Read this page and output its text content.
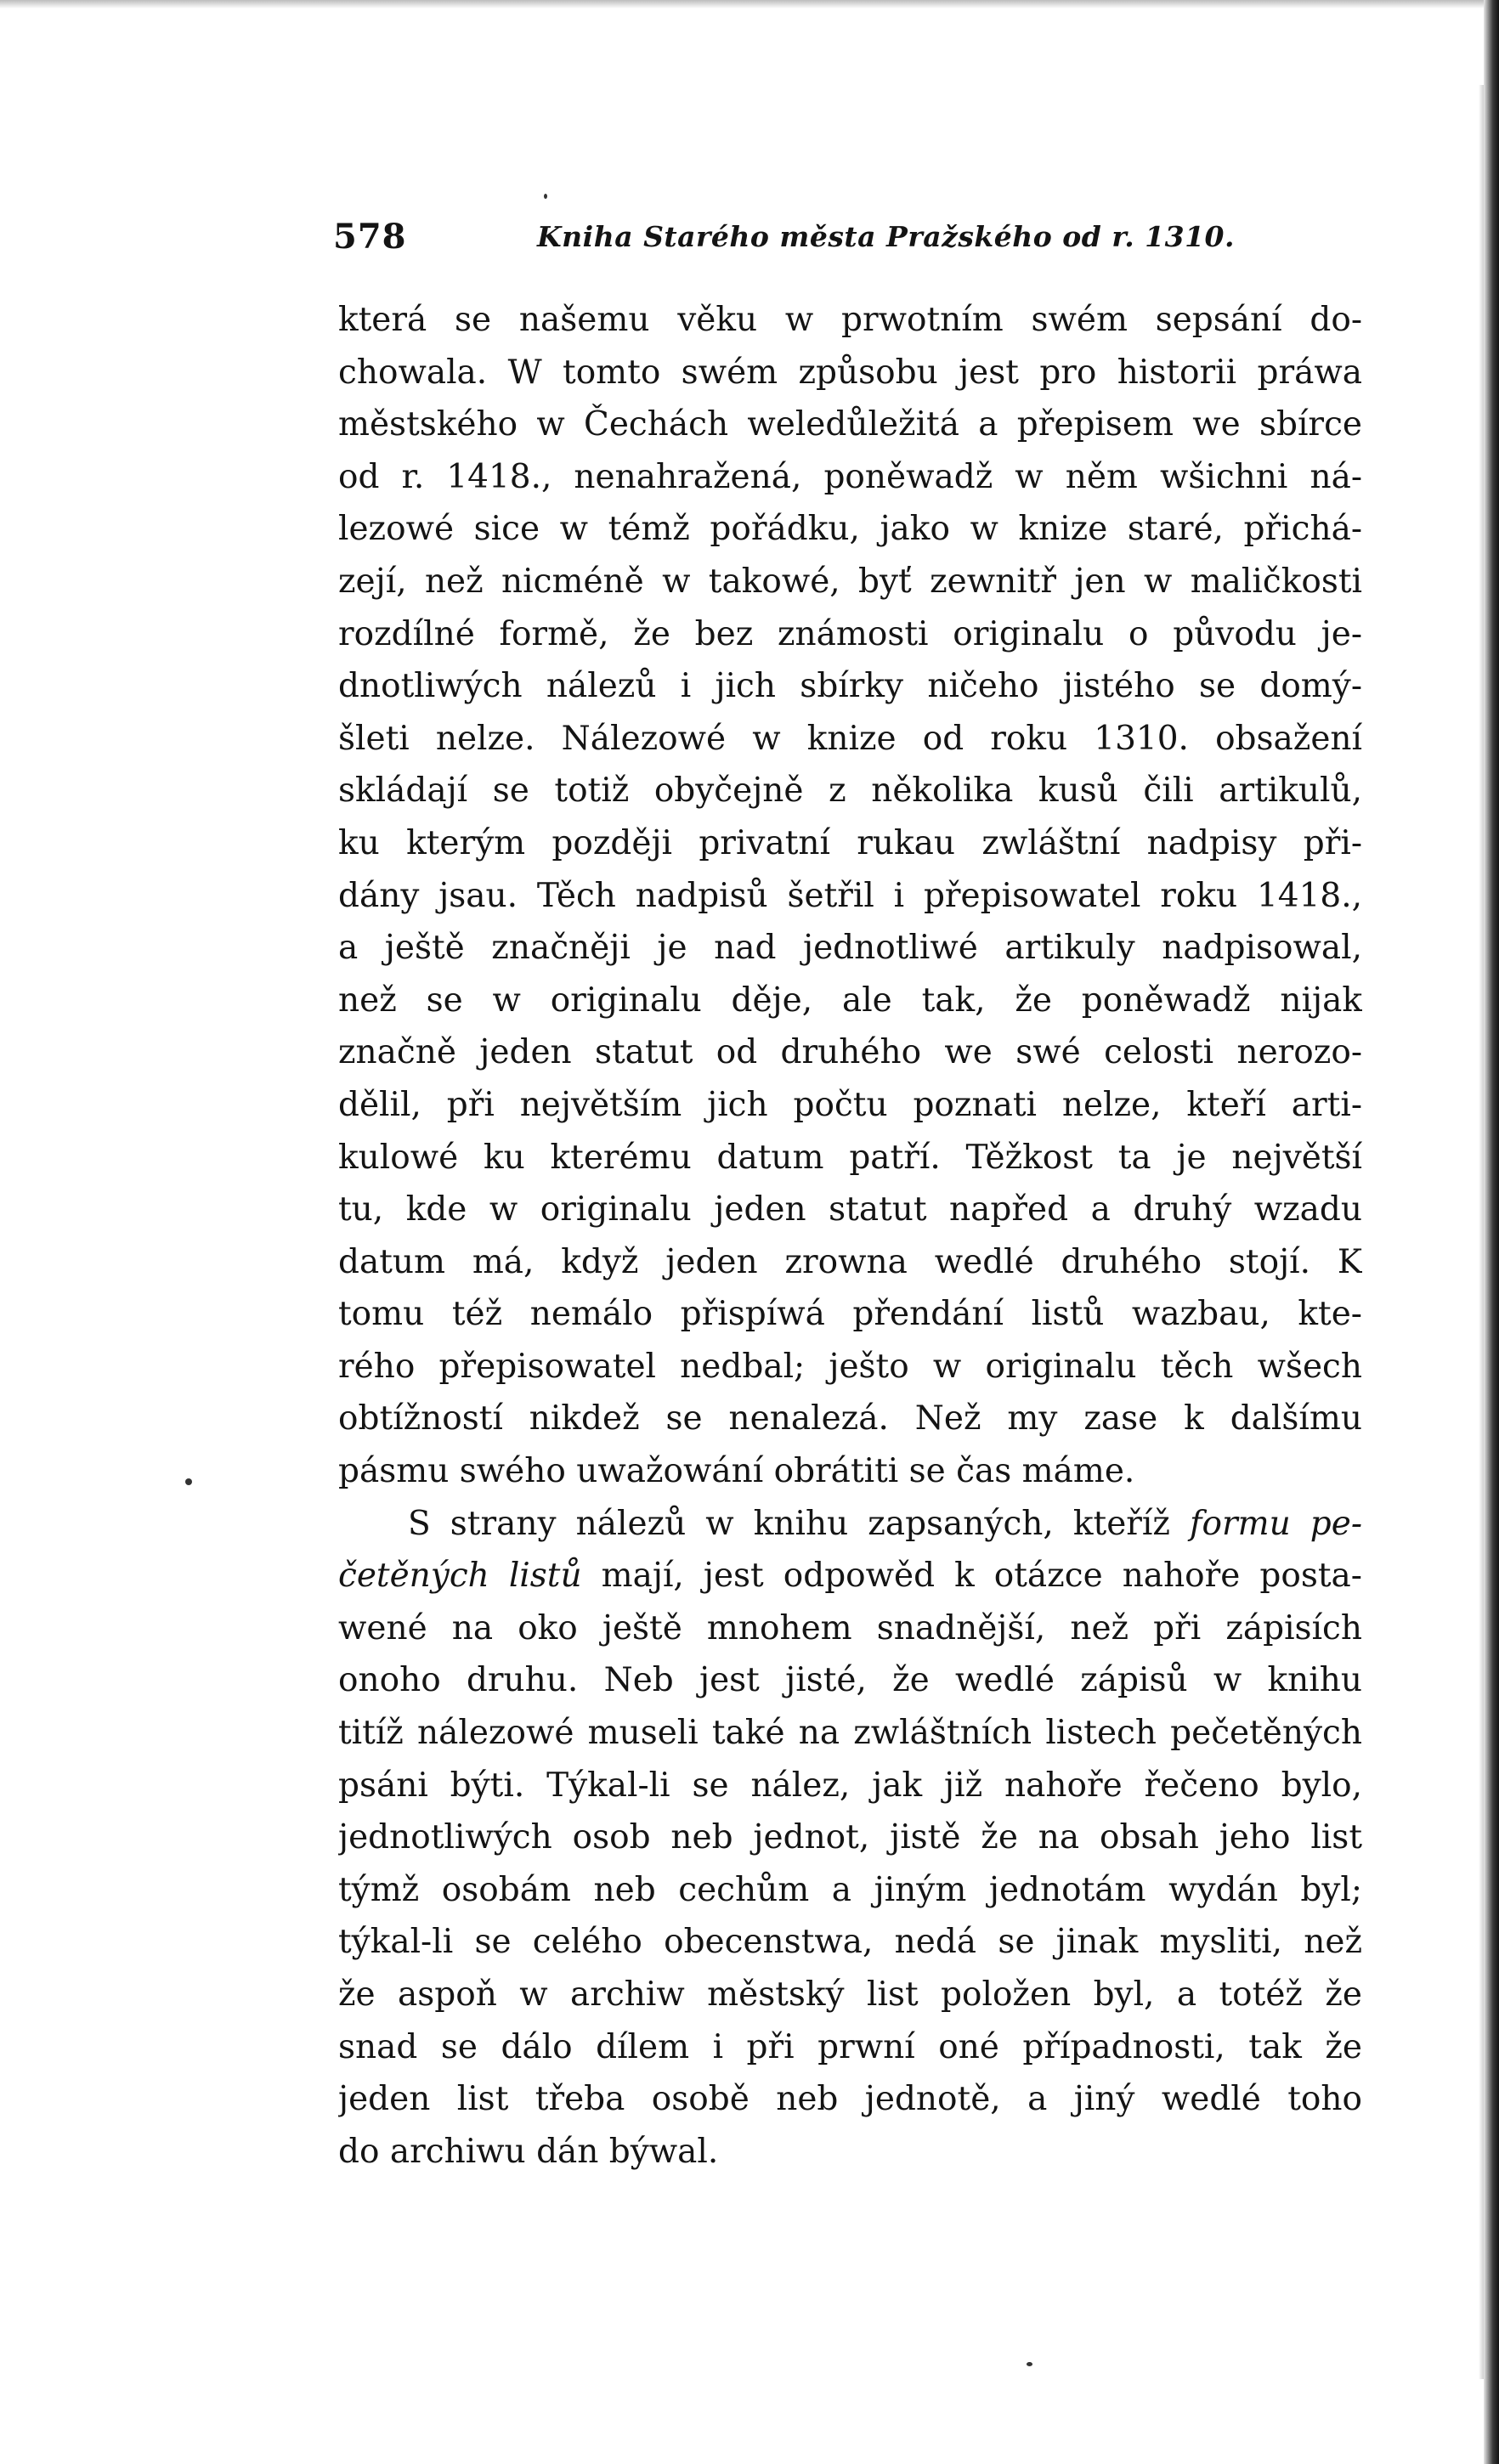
578	Kniha Starého města Pražského od r. 1310.
která se našemu věku w prwotním swém sepsání do-
chowala. W tomto swém způsobu jest pro historii práwa
městského w Čechách weledůležitá a přepisem we sbírce
od r. 1418., nenahražená, poněwadž w něm wšichni ná-
lezowé sice w témž pořádku, jako w knize staré, přichá-
zejí, než nicméně w takowé, byť zewnitř jen w maličkosti
rozdílné formě, že bez známosti originalu o původu je-
dnotliwých nálezů i jich sbírky ničeho jistého se domý-
šleti nelze. Nálezowé w knize od roku 1310. obsažení
skládají se totiž obyčejně z několika kusů čili artikulů,
ku kterým později privatní rukau zwláštní nadpisy při-
dány jsau. Těch nadpisů šetřil i přepisowatel roku 1418.,
a ještě značněji je nad jednotliwé artikuly nadpisowal,
než se w originalu děje, ale tak, že poněwadž nijak
značně jeden statut od druhého we swé celosti nerozo-
dělil, při největším jich počtu poznati nelze, kteří arti-
kulowé ku kterému datum patří. Těžkost ta je největší
tu, kde w originalu jeden statut napřed a druhý wzadu
datum má, když jeden zrowna wedlé druhého stojí. K
tomu též nemálo přispíwá přendání listů wazbau, kte-
rého přepisowatel nedbal; ještо w originalu těch wšech
obtížností nikdež se nenalezá. Než my zase k dalšímu
pásmu swého uwažowání obrátiti se čas máme.
S strany nálezů w knihu zapsaných, kteříž formu pe-
četěných listů mají, jest odpowěd k otázce nahoře posta-
wené na oko ještě mnohem snadnější, než při zápisích
onoho druhu. Neb jest jisté, že wedlé zápisů w knihu
titíž nálezowé museli také na zwláštních listech pečetěných
psáni býti. Týkal-li se nález, jak již nahoře řečeno bylo,
jednotliwých osob neb jednot, jistě že na obsah jeho list
týmž osobám neb cechům a jiným jednotám wydán byl;
týkal-li se celého obecenstwa, nedá se jinak mysliti, než
že aspoň w archiw městský list položen byl, a totéž že
snad se dálo dílem i při prwní oné případnosti, tak že
jeden list třeba osobě neb jednotě, a jiný wedlé toho
do archiwu dán býwal.
